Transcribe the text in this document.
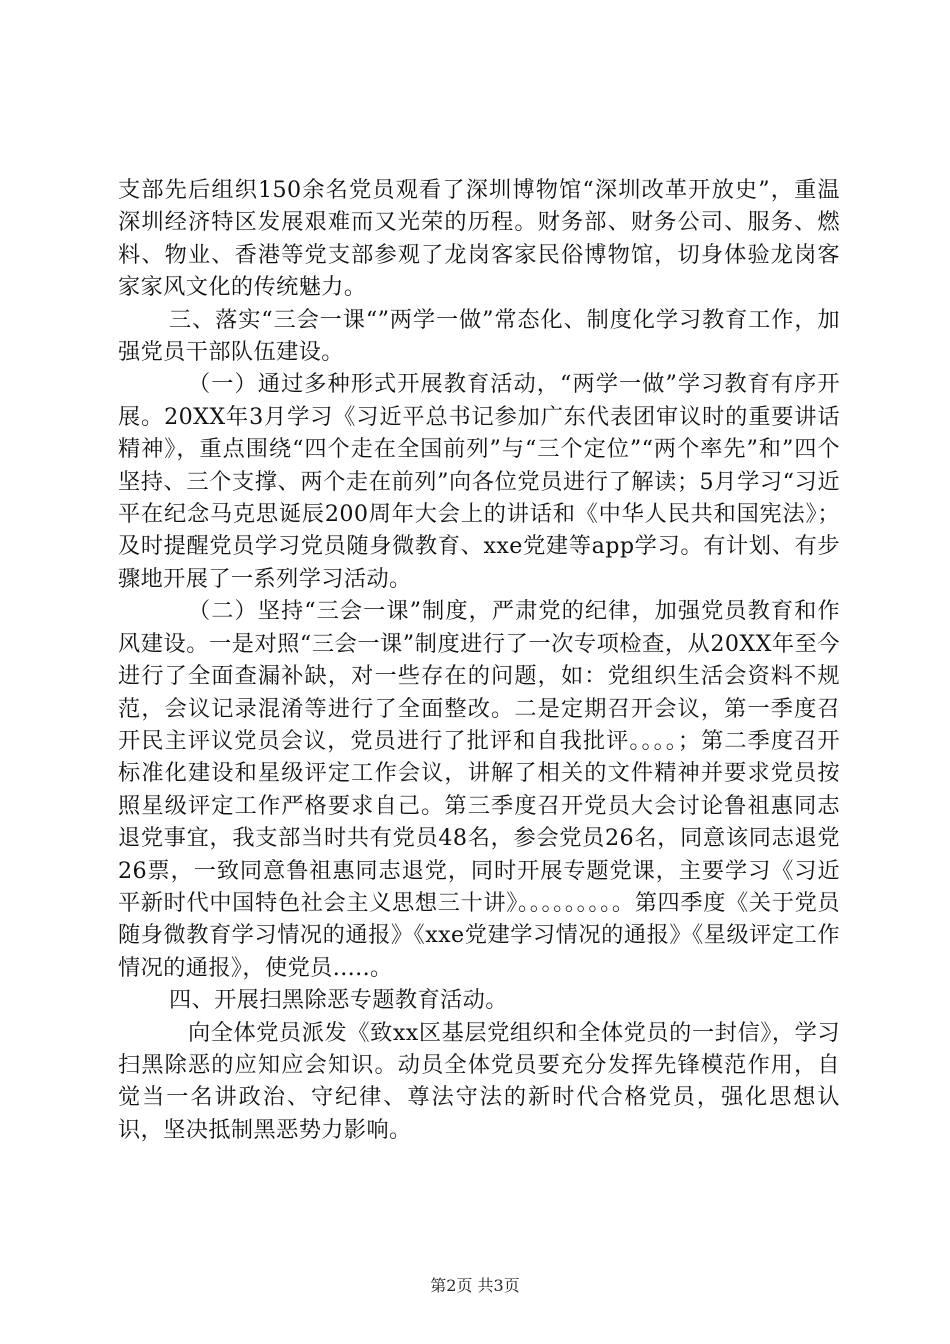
支部先后组织150余名党员观看了深圳博物馆“深圳改革开放史”，重温深圳经济特区发展艰难而又光荣的历程。财务部、财务公司、服务、燃料、物业、香港等党支部参观了龙岗客家民俗博物馆，切身体验龙岗客家家风文化的传统魅力。

三、落实“三会一课“”两学一做”常态化、制度化学习教育工作，加强党员干部队伍建设。

（一）通过多种形式开展教育活动，“两学一做”学习教育有序开展。20XX年3月学习《习近平总书记参加广东代表团审议时的重要讲话精神》，重点围绕“四个走在全国前列”与“三个定位”“两个率先”和”四个坚持、三个支撑、两个走在前列”向各位党员进行了解读；5月学习“习近平在纪念马克思诞辰200周年大会上的讲话和《中华人民共和国宪法》；及时提醒党员学习党员随身微教育、xxe党建等app学习。有计划、有步骤地开展了一系列学习活动。

（二）坚持“三会一课”制度，严肃党的纪律，加强党员教育和作风建设。一是对照“三会一课”制度进行了一次专项检查，从20XX年至今进行了全面查漏补缺，对一些存在的问题，如：党组织生活会资料不规范，会议记录混淆等进行了全面整改。二是定期召开会议，第一季度召开民主评议党员会议，党员进行了批评和自我批评。。。。；第二季度召开标准化建设和星级评定工作会议，讲解了相关的文件精神并要求党员按照星级评定工作严格要求自己。第三季度召开党员大会讨论鲁祖惠同志退党事宜，我支部当时共有党员48名，参会党员26名，同意该同志退党26票，一致同意鲁祖惠同志退党，同时开展专题党课，主要学习《习近平新时代中国特色社会主义思想三十讲》。。。。。。。。。第四季度《关于党员随身微教育学习情况的通报》《xxe党建学习情况的通报》《星级评定工作情况的通报》，使党员.....。

四、开展扫黑除恶专题教育活动。

向全体党员派发《致xx区基层党组织和全体党员的一封信》，学习扫黑除恶的应知应会知识。动员全体党员要充分发挥先锋模范作用，自觉当一名讲政治、守纪律、尊法守法的新时代合格党员，强化思想认识，坚决抵制黑恶势力影响。

第2页 共3页
